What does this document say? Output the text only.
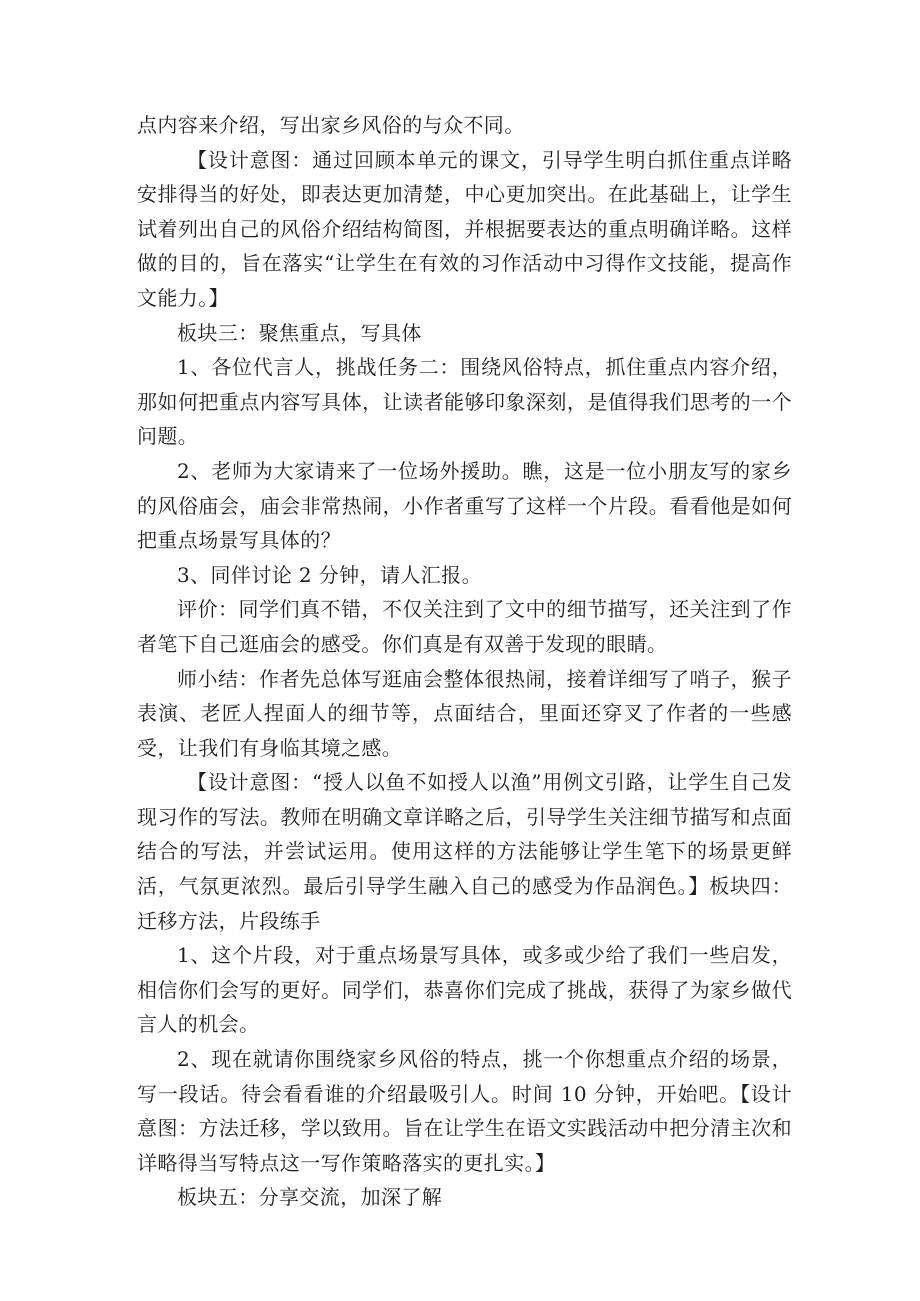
点内容来介绍，写出家乡风俗的与众不同。

【设计意图：通过回顾本单元的课文，引导学生明白抓住重点详略安排得当的好处，即表达更加清楚，中心更加突出。在此基础上，让学生试着列出自己的风俗介绍结构简图，并根据要表达的重点明确详略。这样做的目的，旨在落实“让学生在有效的习作活动中习得作文技能，提高作文能力。】

板块三：聚焦重点，写具体

1、各位代言人，挑战任务二：围绕风俗特点，抓住重点内容介绍，那如何把重点内容写具体，让读者能够印象深刻，是值得我们思考的一个问题。

2、老师为大家请来了一位场外援助。瞧，这是一位小朋友写的家乡的风俗庙会，庙会非常热闹，小作者重写了这样一个片段。看看他是如何把重点场景写具体的？

3、同伴讨论 2 分钟，请人汇报。

评价：同学们真不错，不仅关注到了文中的细节描写，还关注到了作者笔下自己逛庙会的感受。你们真是有双善于发现的眼睛。

师小结：作者先总体写逛庙会整体很热闹，接着详细写了哨子，猴子表演、老匠人捏面人的细节等，点面结合，里面还穿叉了作者的一些感受，让我们有身临其境之感。

【设计意图：“授人以鱼不如授人以渔”用例文引路，让学生自己发现习作的写法。教师在明确文章详略之后，引导学生关注细节描写和点面结合的写法，并尝试运用。使用这样的方法能够让学生笔下的场景更鲜活，气氛更浓烈。最后引导学生融入自己的感受为作品润色。】板块四：迁移方法，片段练手

1、这个片段，对于重点场景写具体，或多或少给了我们一些启发，相信你们会写的更好。同学们，恭喜你们完成了挑战，获得了为家乡做代言人的机会。

2、现在就请你围绕家乡风俗的特点，挑一个你想重点介绍的场景，写一段话。待会看看谁的介绍最吸引人。时间 10 分钟，开始吧。【设计意图：方法迁移，学以致用。旨在让学生在语文实践活动中把分清主次和详略得当写特点这一写作策略落实的更扎实。】

板块五：分享交流，加深了解
